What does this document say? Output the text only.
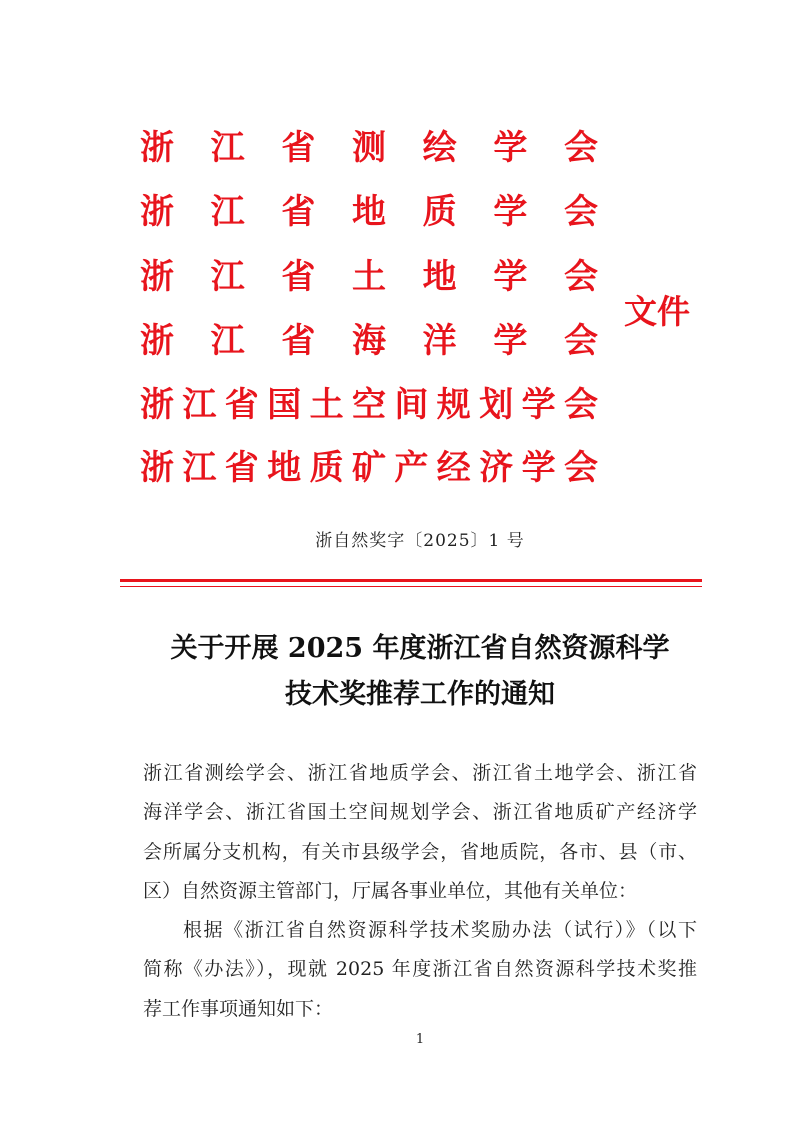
浙江省测绘学会
浙江省地质学会
浙江省土地学会
浙江省海洋学会
浙江省国土空间规划学会
浙江省地质矿产经济学会
文件
浙自然奖字〔2025〕1 号
关于开展 2025 年度浙江省自然资源科学
技术奖推荐工作的通知
浙江省测绘学会、浙江省地质学会、浙江省土地学会、浙江省
海洋学会、浙江省国土空间规划学会、浙江省地质矿产经济学
会所属分支机构，有关市县级学会，省地质院，各市、县（市、
区）自然资源主管部门，厅属各事业单位，其他有关单位：
根据《浙江省自然资源科学技术奖励办法（试行）》（以下
简称《办法》），现就 2025 年度浙江省自然资源科学技术奖推
荐工作事项通知如下：
1
